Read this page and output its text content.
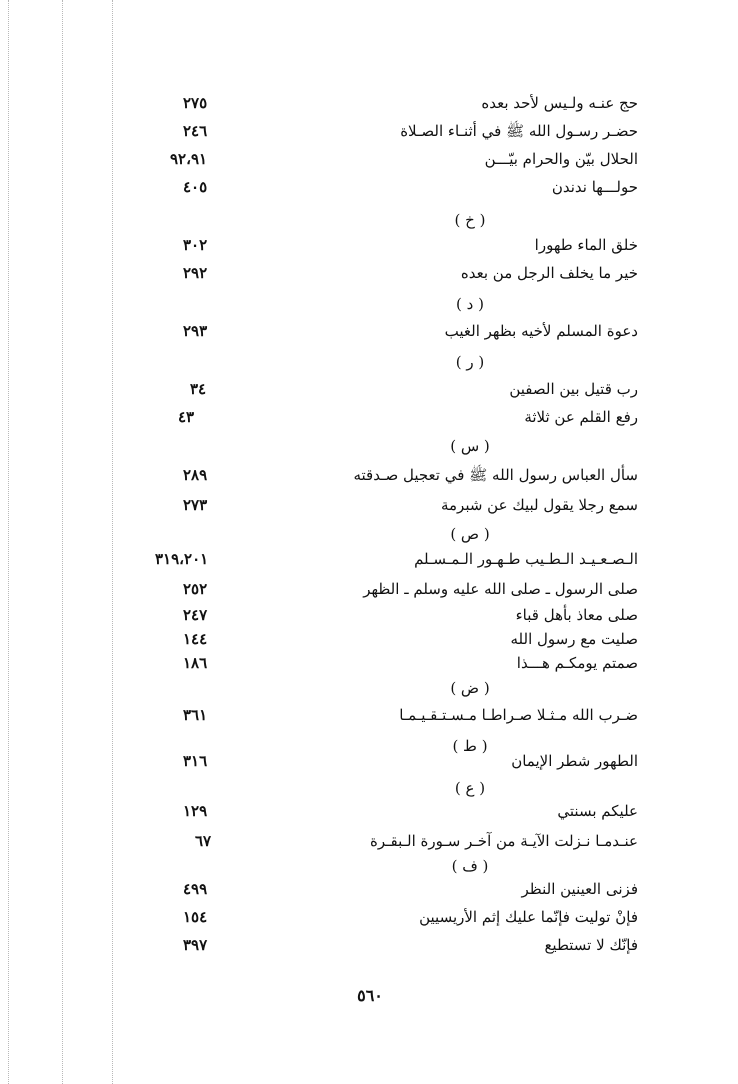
حج عنـه ولـيس لأحد بعده
٢٧٥
حضـر رسـول الله ﷺ في أثنـاء الصـلاة
٢٤٦
الحلال بيّن والحرام بيّـــن
٩٢،٩١
حولـــها ندندن
٤٠٥
( خ )
خلق الماء طهورا
٣٠٢
خير ما يخلف الرجل من بعده
٢٩٢
( د )
دعوة المسلم لأخيه بظهر الغيب
٢٩٣
( ر )
رب قتيل بين الصفين
٣٤
رفع القلم عن ثلاثة
٤٣
( س )
سأل العباس رسول الله ﷺ في تعجيل صـدقته
٢٨٩
سمع رجلا يقول لبيك عن شبرمة
٢٧٣
( ص )
الـصـعـيـد الـطـيب طـهـور الـمـسـلم
٣١٩،٢٠١
صلى الرسول ـ صلى الله عليه وسلم ـ الظهر
٢٥٢
صلى معاذ بأهل قباء
٢٤٧
صليت مع رسول الله
١٤٤
صمتم يومكـم هـــذا
١٨٦
( ض )
ضـرب الله مـثـلا صـراطـا مـسـتـقـيـمـا
٣٦١
( ط )
الطهور شطر الإيمان
٣١٦
( ع )
عليكم بسنتي
١٢٩
عنـدمـا نـزلت الآيـة من آخـر سـورة الـبقـرة
٦٧
( ف )
فزنى العينين النظر
٤٩٩
فإنْ توليت فإنّما عليك إثم الأريسيين
١٥٤
فإنّك لا تستطيع
٣٩٧
٥٦٠
